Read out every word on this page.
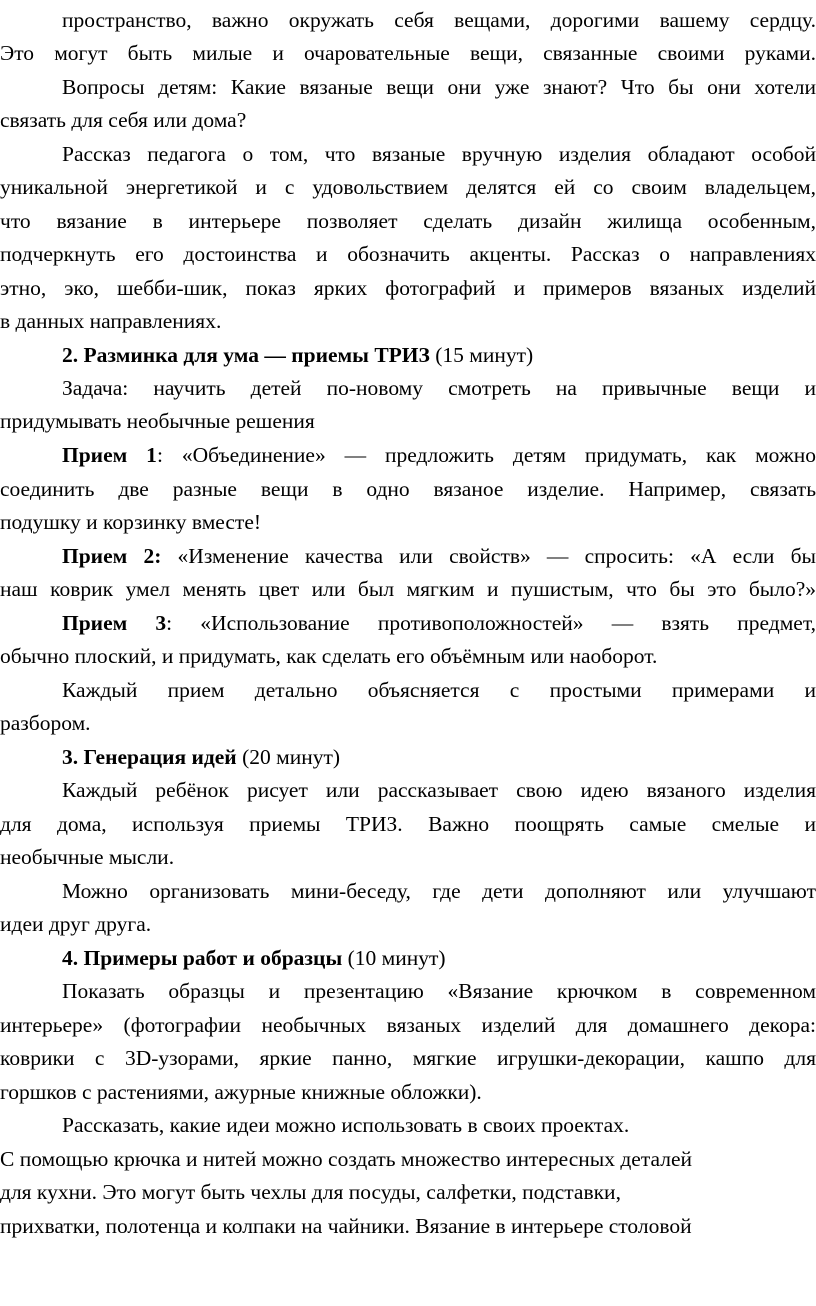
пространство, важно окружать себя вещами, дорогими вашему сердцу.

Это могут быть милые и очаровательные вещи, связанные своими руками.

Вопросы детям: Какие вязаные вещи они уже знают? Что бы они хотели

связать для себя или дома?

Рассказ педагога о том, что вязаные вручную изделия обладают особой

уникальной энергетикой и с удовольствием делятся ей со своим владельцем,

что вязание в интерьере позволяет сделать дизайн жилища особенным,

подчеркнуть его достоинства и обозначить акценты. Рассказ о направлениях

этно, эко, шебби-шик, показ ярких фотографий и примеров вязаных изделий

в данных направлениях.

2. Разминка для ума — приемы ТРИЗ (15 минут)

Задача: научить детей по-новому смотреть на привычные вещи и

придумывать необычные решения

Прием 1: «Объединение» — предложить детям придумать, как можно

соединить две разные вещи в одно вязаное изделие. Например, связать

подушку и корзинку вместе!

Прием 2: «Изменение качества или свойств» — спросить: «А если бы

наш коврик умел менять цвет или был мягким и пушистым, что бы это было?»

Прием 3: «Использование противоположностей» — взять предмет,

обычно плоский, и придумать, как сделать его объёмным или наоборот.

Каждый прием детально объясняется с простыми примерами и

разбором.

3. Генерация идей (20 минут)

Каждый ребёнок рисует или рассказывает свою идею вязаного изделия

для дома, используя приемы ТРИЗ. Важно поощрять самые смелые и

необычные мысли.

Можно организовать мини-беседу, где дети дополняют или улучшают

идеи друг друга.

4. Примеры работ и образцы (10 минут)

Показать образцы и презентацию «Вязание крючком в современном

интерьере» (фотографии необычных вязаных изделий для домашнего декора:

коврики с 3D-узорами, яркие панно, мягкие игрушки-декорации, кашпо для

горшков с растениями, ажурные книжные обложки).

Рассказать, какие идеи можно использовать в своих проектах.

С помощью крючка и нитей можно создать множество интересных деталей

для кухни. Это могут быть чехлы для посуды, салфетки, подставки,

прихватки, полотенца и колпаки на чайники. Вязание в интерьере столовой
